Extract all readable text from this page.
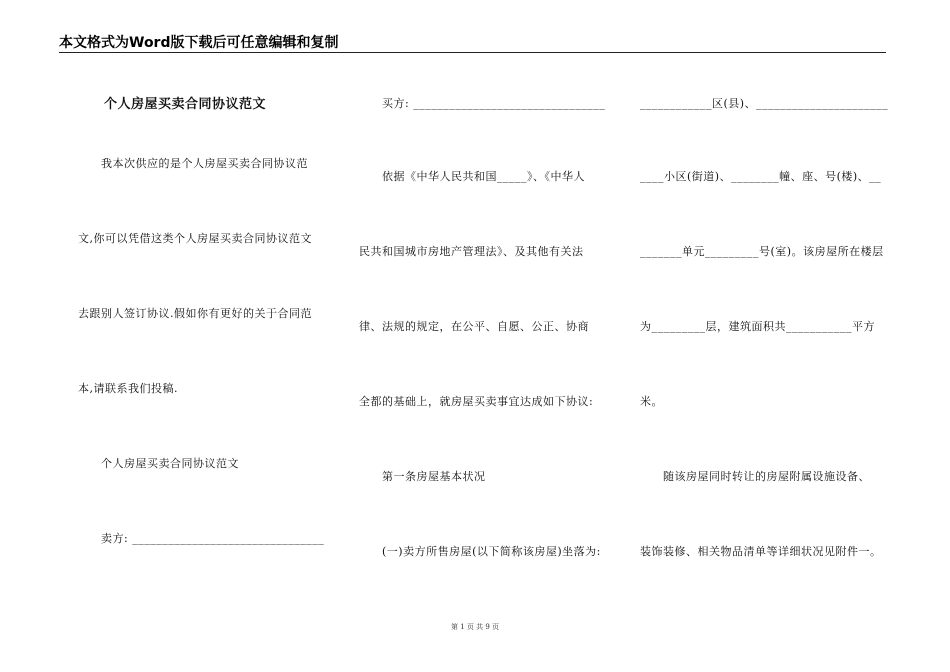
本文格式为Word版下载后可任意编辑和复制
个人房屋买卖合同协议范文
我本次供应的是个人房屋买卖合同协议范
文,你可以凭借这类个人房屋买卖合同协议范文
去跟别人签订协议.假如你有更好的关于合同范
本,请联系我们投稿.
个人房屋买卖合同协议范文
卖方: ________________________________
买方: ________________________________
依据《中华人民共和国_____》、《中华人
民共和国城市房地产管理法》、及其他有关法
律、法规的规定，在公平、自愿、公正、协商
全都的基础上，就房屋买卖事宜达成如下协议:
第一条房屋基本状况
(一)卖方所售房屋(以下简称该房屋)坐落为:
____________区(县)、______________________
____小区(街道)、________幢、座、号(楼)、__
_______单元_________号(室)。该房屋所在楼层
为_________层，建筑面积共___________平方
米。
随该房屋同时转让的房屋附属设施设备、
装饰装修、相关物品清单等详细状况见附件一。
第 1 页 共 9 页
